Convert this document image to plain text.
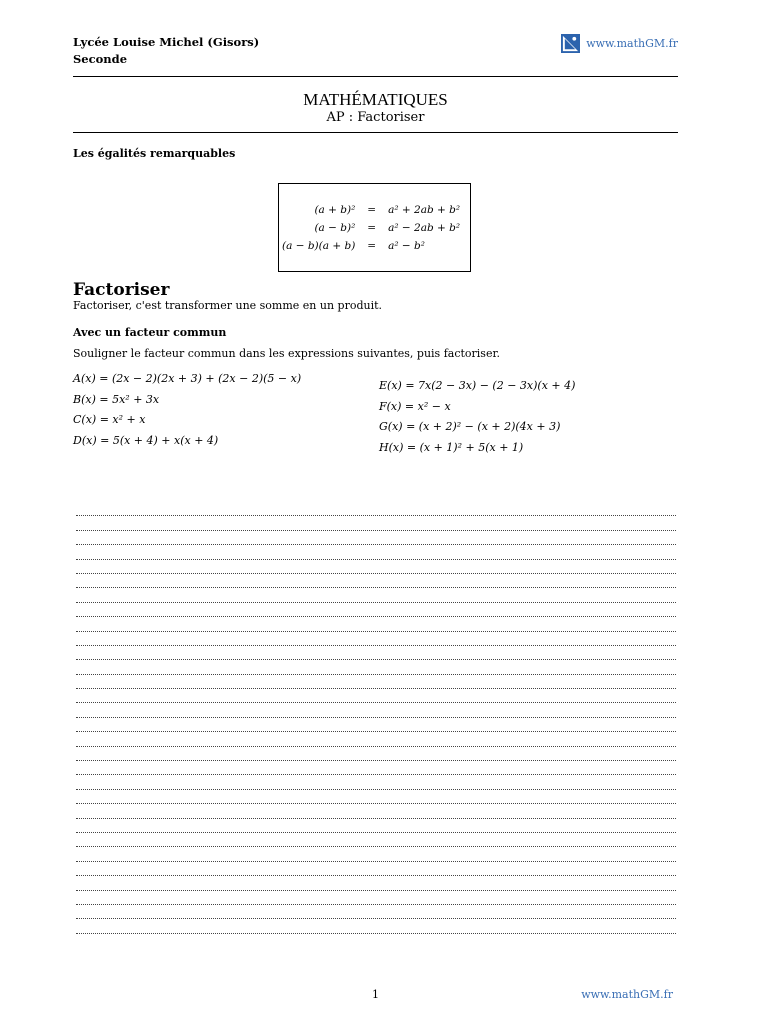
Lycée Louise Michel (Gisors)
Seconde
www.mathGM.fr
MATHÉMATIQUES
AP : Factoriser
Les égalités remarquables
(a + b)²	=	a² + 2ab + b²
(a − b)²	=	a² − 2ab + b²
(a − b)(a + b)	=	a² − b²
Factoriser
Factoriser, c'est transformer une somme en un produit.
Avec un facteur commun
Souligner le facteur commun dans les expressions suivantes, puis factoriser.
A(x) = (2x − 2)(2x + 3) + (2x − 2)(5 − x)
B(x) = 5x² + 3x
C(x) = x² + x
D(x) = 5(x + 4) + x(x + 4)
E(x) = 7x(2 − 3x) − (2 − 3x)(x + 4)
F(x) = x² − x
G(x) = (x + 2)² − (x + 2)(4x + 3)
H(x) = (x + 1)² + 5(x + 1)
1	www.mathGM.fr
